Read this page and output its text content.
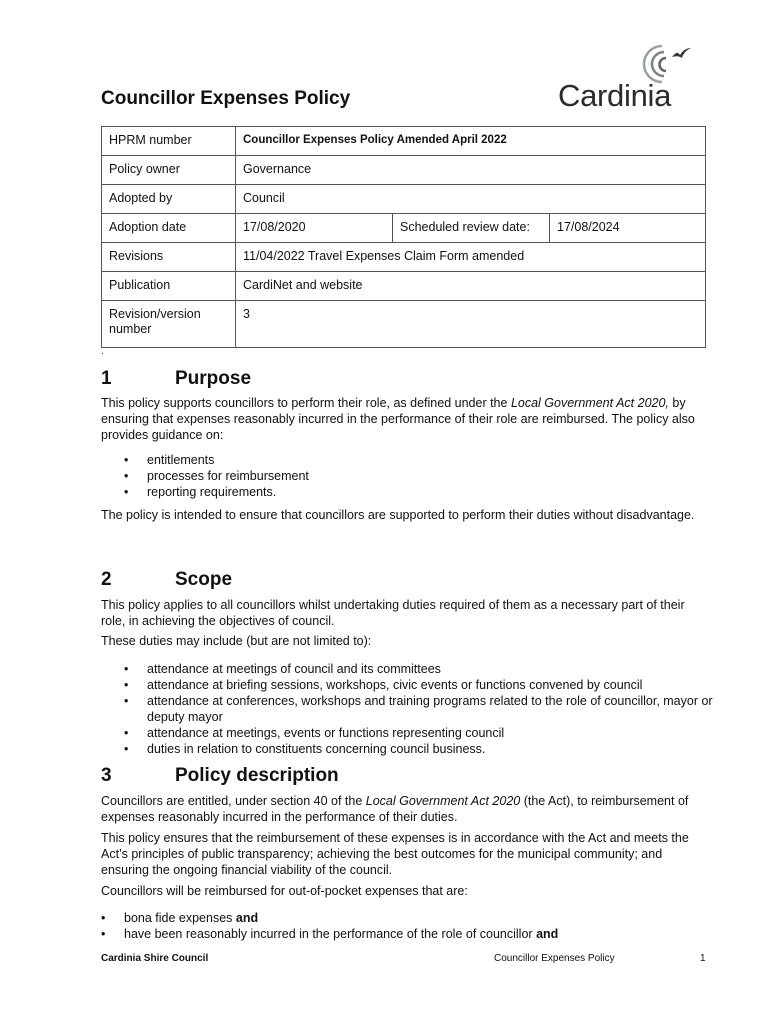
Councillor Expenses Policy	Cardinia
HPRM number	Councillor Expenses Policy Amended April 2022		
Policy owner	Governance		
Adopted by	Council		
Adoption date	17/08/2020	Scheduled review date:	17/08/2024
Revisions	11/04/2022 Travel Expenses Claim Form amended		
Publication	CardiNet and website		
Revision/version number	3		
.
1	Purpose

This policy supports councillors to perform their role, as defined under the Local Government Act 2020, by ensuring that expenses reasonably incurred in the performance of their role are reimbursed. The policy also provides guidance on:

• entitlements
• processes for reimbursement
• reporting requirements.

The policy is intended to ensure that councillors are supported to perform their duties without disadvantage.

2	Scope

This policy applies to all councillors whilst undertaking duties required of them as a necessary part of their role, in achieving the objectives of council.

These duties may include (but are not limited to):

• attendance at meetings of council and its committees
• attendance at briefing sessions, workshops, civic events or functions convened by council
• attendance at conferences, workshops and training programs related to the role of councillor, mayor or deputy mayor
• attendance at meetings, events or functions representing council
• duties in relation to constituents concerning council business.
3	Policy description

Councillors are entitled, under section 40 of the Local Government Act 2020 (the Act), to reimbursement of expenses reasonably incurred in the performance of their duties.

This policy ensures that the reimbursement of these expenses is in accordance with the Act and meets the Act’s principles of public transparency; achieving the best outcomes for the municipal community; and ensuring the ongoing financial viability of the council.

Councillors will be reimbursed for out-of-pocket expenses that are:

• bona fide expenses and
• have been reasonably incurred in the performance of the role of councillor and
Cardinia Shire Council	Councillor Expenses Policy	1
